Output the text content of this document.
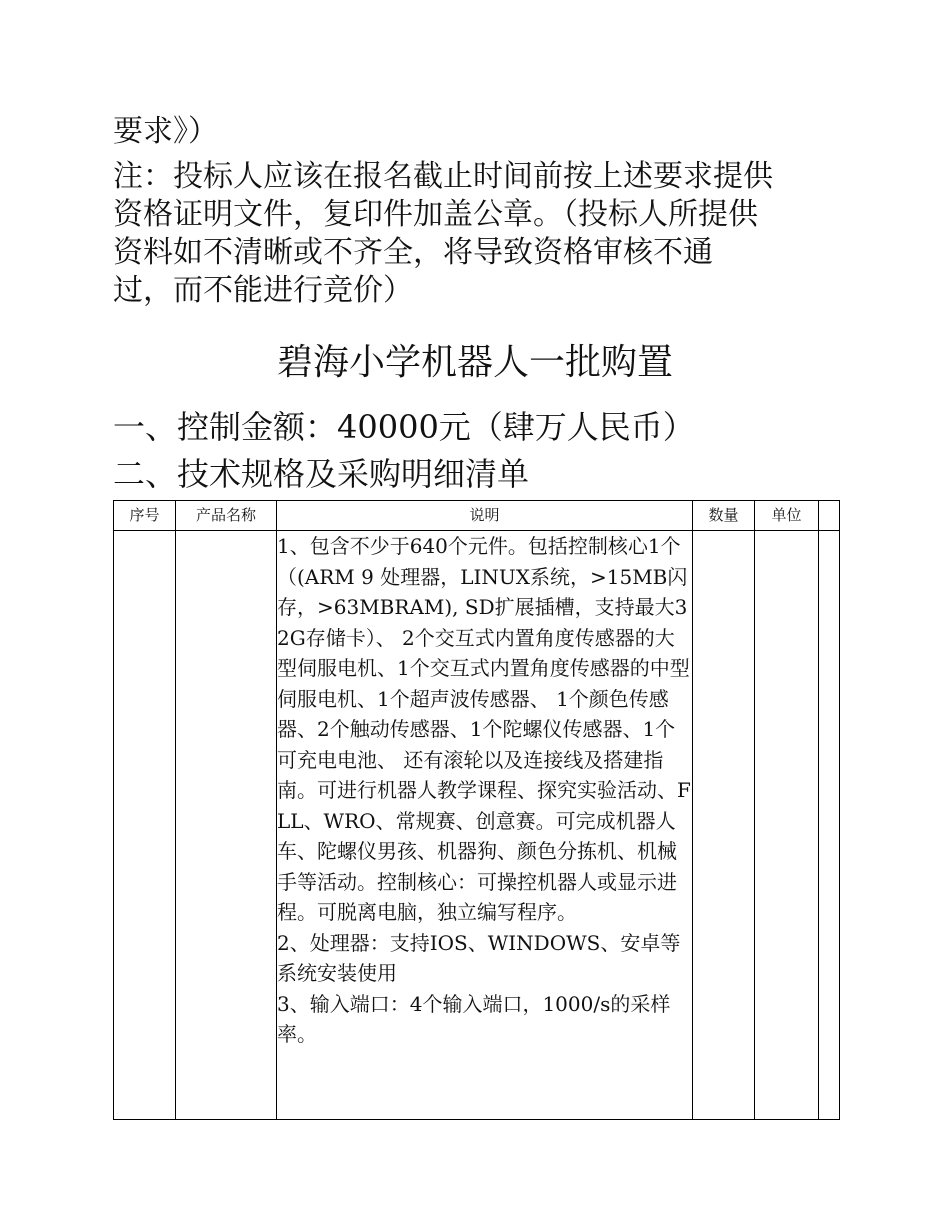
要求》）
注：投标人应该在报名截止时间前按上述要求提供
资格证明文件，复印件加盖公章。（投标人所提供
资料如不清晰或不齐全，将导致资格审核不通
过，而不能进行竞价）
碧海小学机器人一批购置
一、控制金额：40000元（肆万人民币）
二、技术规格及采购明细清单
序号	产品名称	说明	数量	单位	

		1、包含不少于640个元件。包括控制核心1个（(ARM 9 处理器，LINUX系统，>15MB闪存，>63MBRAM), SD扩展插槽，支持最大32G存储卡）、 2个交互式内置角度传感器的大型伺服电机、1个交互式内置角度传感器的中型伺服电机、1个超声波传感器、 1个颜色传感器、2个触动传感器、1个陀螺仪传感器、1个可充电电池、 还有滚轮以及连接线及搭建指南。可进行机器人教学课程、探究实验活动、FLL、WRO、常规赛、创意赛。可完成机器人车、陀螺仪男孩、机器狗、颜色分拣机、机械手等活动。控制核心：可操控机器人或显示进程。可脱离电脑，独立编写程序。

2、处理器：支持IOS、WINDOWS、安卓等系统安装使用

3、输入端口：4个输入端口，1000/s的采样率。			
